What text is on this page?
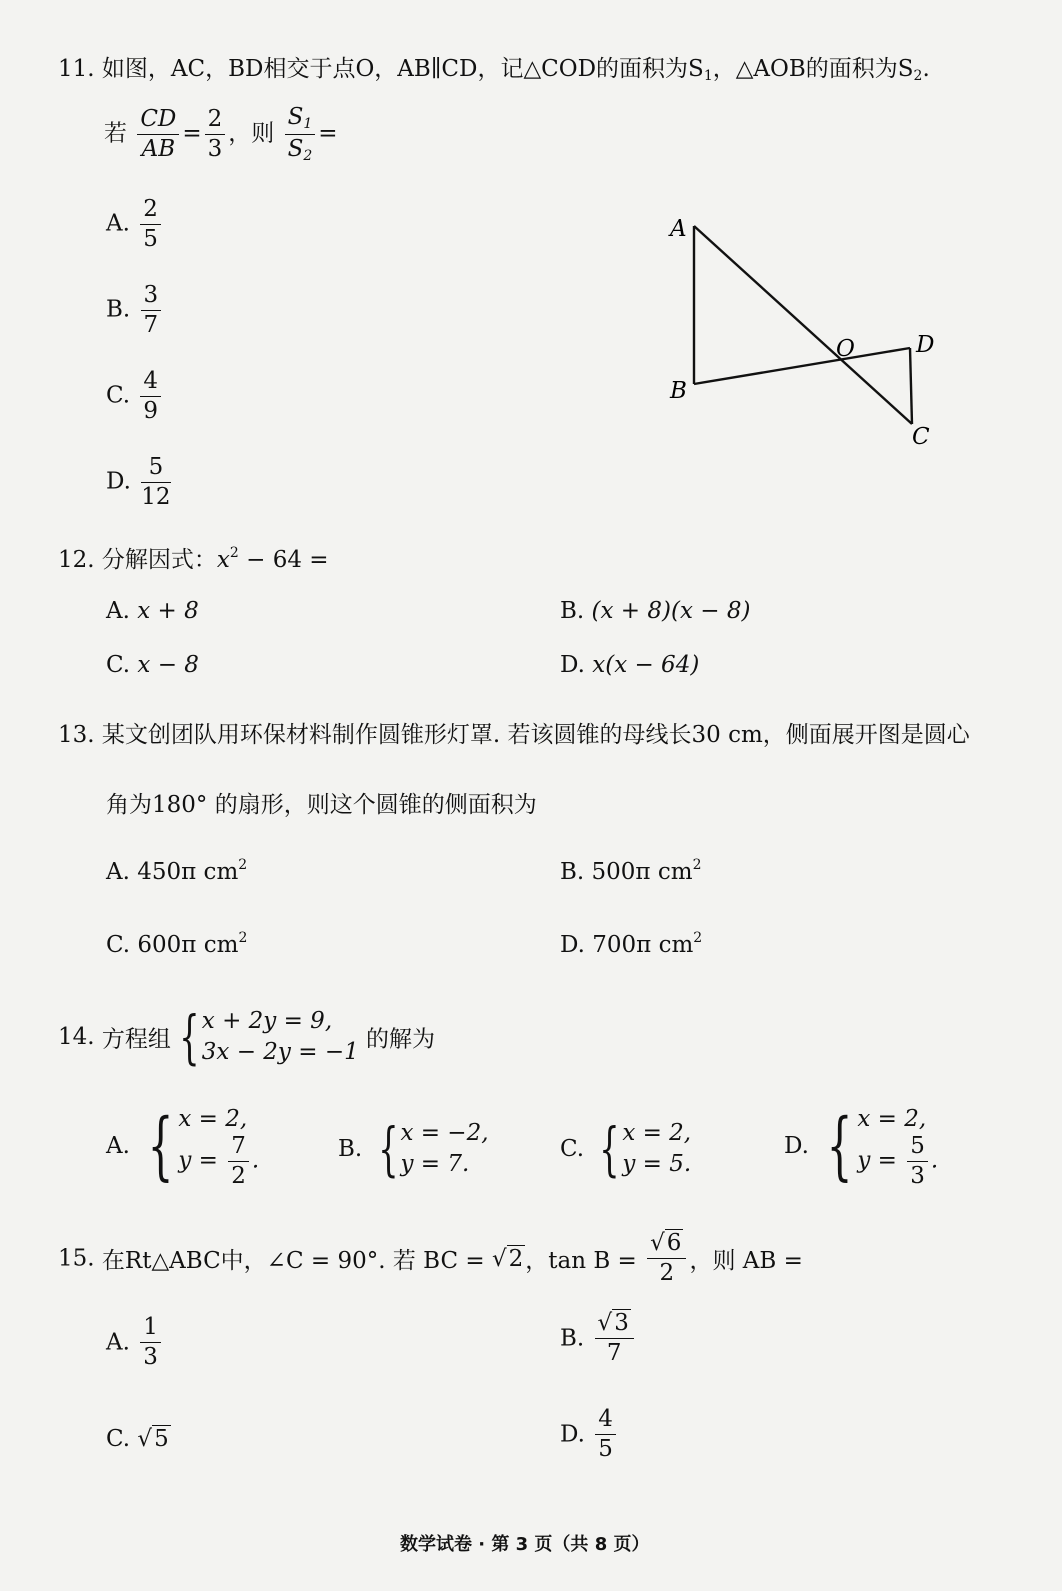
11. 如图，AC，BD相交于点O，AB∥CD，记△COD的面积为$S_1$，△AOB的面积为$S_2$.
若 $\frac{CD}{AB} = \frac{2}{3}$ ，则 $\frac{S_1}{S_2}$ =
A. $\frac{2}{5}$
B. $\frac{3}{7}$
C. $\frac{4}{9}$
D. $\frac{5}{12}$
A
B
O	D
C
12. 分解因式：$x^2 - 64$ =
A. x + 8	B. (x + 8)(x − 8)
C. x − 8	D. x(x − 64)
13. 某文创团队用环保材料制作圆锥形灯罩. 若该圆锥的母线长30 cm，侧面展开图是圆心
角为180° 的扇形，则这个圆锥的侧面积为
A. 450π $cm^2$	B. 500π $cm^2$
C. 600π $cm^2$	D. 700π $cm^2$
14. 方程组 { x + 2y = 9,
3x − 2y = −1 的解为
A. { x = 2,
$y = \frac{7}{2}$ .	B. { x = −2,
y = 7.
C. { x = 2,
y = 5.
D. { x = 2,
$y = \frac{5}{3}$ .
15. 在Rt△ABC中，∠C = 90°. 若 BC = √2，$\tan B = \frac{√6}{2}$ ，则 AB =
A. $\frac{1}{3}$	B. $\frac{√3}{7}$
C. √5	D. $\frac{4}{5}$
数学试卷 · 第 3 页（共 8 页）
